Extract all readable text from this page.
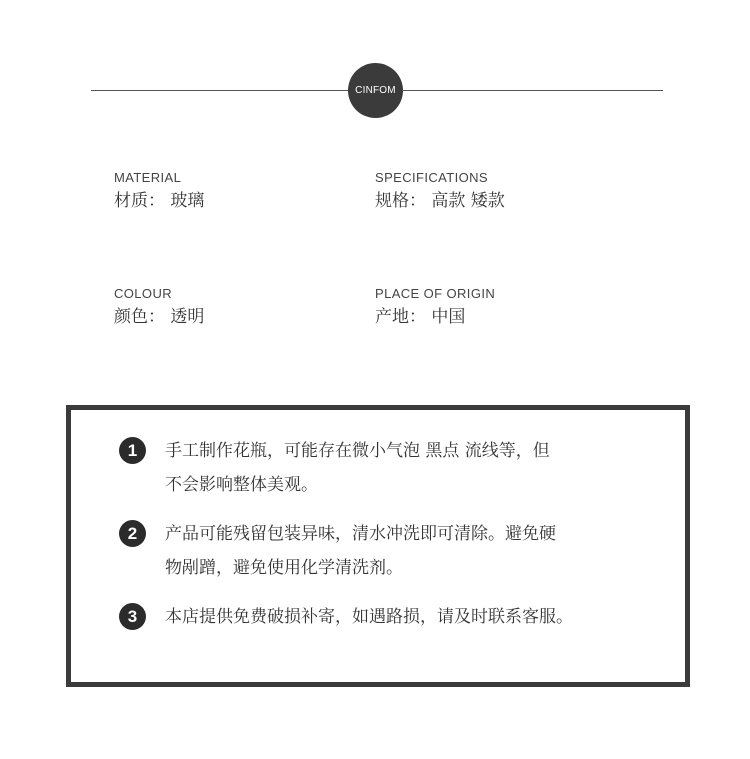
CINFOM
MATERIAL
材质： 玻璃
SPECIFICATIONS
规格： 高款 矮款
COLOUR
颜色： 透明
PLACE OF ORIGIN
产地： 中国
1	手工制作花瓶，可能存在微小气泡 黑点 流线等，但
不会影响整体美观。
2	产品可能残留包装异味，清水冲洗即可清除。避免硬
物剐蹭，避免使用化学清洗剂。
3	本店提供免费破损补寄，如遇路损，请及时联系客服。
